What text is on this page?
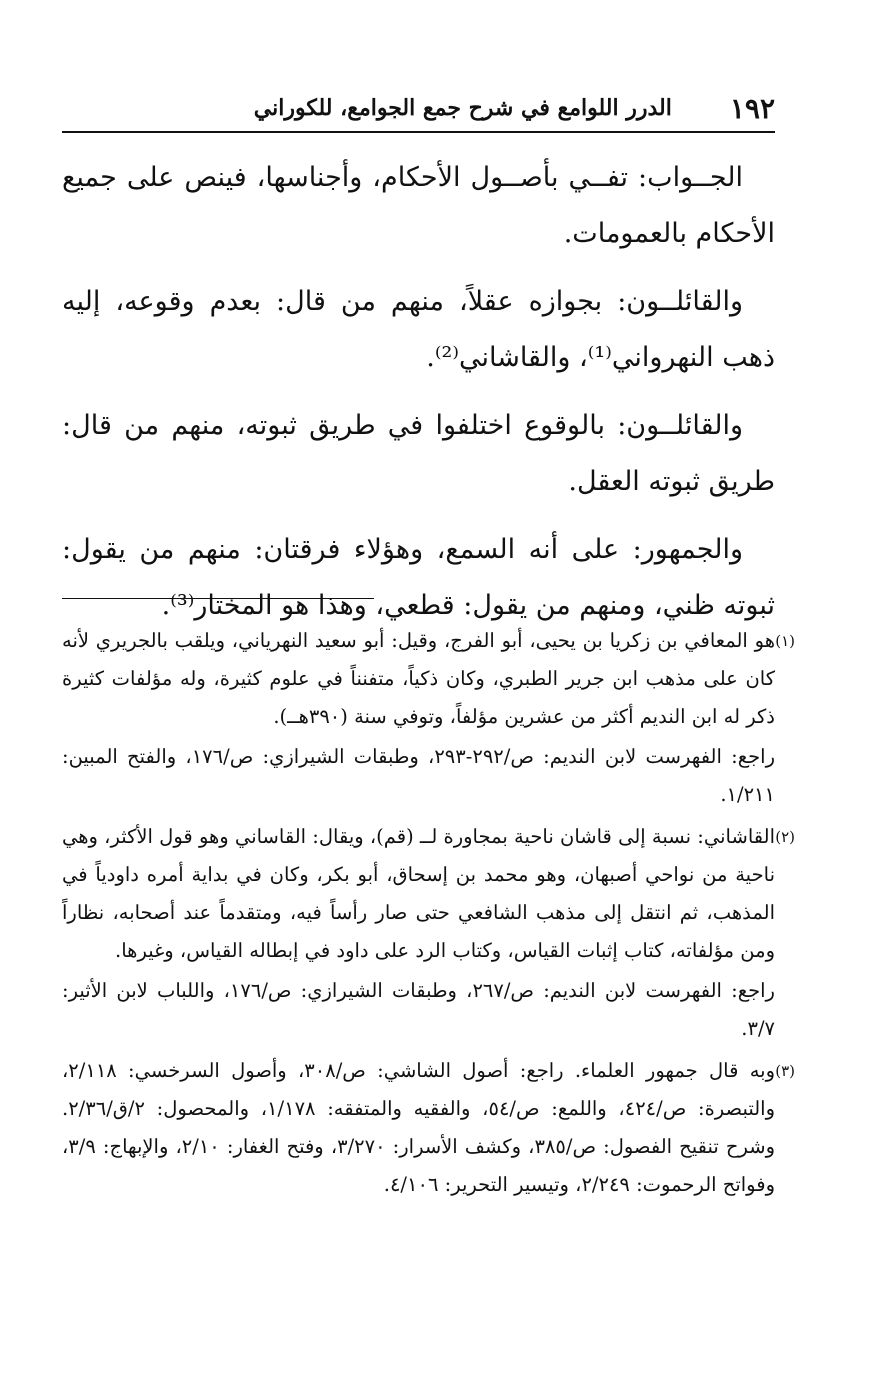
١٩٢
الدرر اللوامع في شرح جمع الجوامع، للكوراني

الجــواب: تفــي بأصــول الأحكام، وأجناسها، فينص على جميع الأحكام بالعمومات.

والقائلــون: بجوازه عقلاً، منهم من قال: بعدم وقوعه، إليه ذهب النهرواني⁽¹⁾، والقاشاني⁽²⁾.

والقائلــون: بالوقوع اختلفوا في طريق ثبوته، منهم من قال: طريق ثبوته العقل.

والجمهور: على أنه السمع، وهؤلاء فرقتان: منهم من يقول: ثبوته ظني، ومنهم من يقول: قطعي، وهذا هو المختار⁽³⁾.

(١)

هو المعافي بن زكريا بن يحيى، أبو الفرج، وقيل: أبو سعيد النهرياني، ويلقب بالجريري لأنه كان على مذهب ابن جرير الطبري، وكان ذكياً، متفنناً في علوم كثيرة، وله مؤلفات كثيرة ذكر له ابن النديم أكثر من عشرين مؤلفاً، وتوفي سنة (٣٩٠هــ).

راجع: الفهرست لابن النديم: ص/٢٩٢-٢٩٣، وطبقات الشيرازي: ص/١٧٦، والفتح المبين: ١/٢١١.

(٢)

القاشاني: نسبة إلى قاشان ناحية بمجاورة لــ (قم)، ويقال: القاساني وهو قول الأكثر، وهي ناحية من نواحي أصبهان، وهو محمد بن إسحاق، أبو بكر، وكان في بداية أمره داودياً في المذهب، ثم انتقل إلى مذهب الشافعي حتى صار رأساً فيه، ومتقدماً عند أصحابه، نظاراً ومن مؤلفاته، كتاب إثبات القياس، وكتاب الرد على داود في إبطاله القياس، وغيرها.

راجع: الفهرست لابن النديم: ص/٢٦٧، وطبقات الشيرازي: ص/١٧٦، واللباب لابن الأثير: ٣/٧.

(٣)

وبه قال جمهور العلماء. راجع: أصول الشاشي: ص/٣٠٨، وأصول السرخسي: ٢/١١٨، والتبصرة: ص/٤٢٤، واللمع: ص/٥٤، والفقيه والمتفقه: ١/١٧٨، والمحصول: ٢/ق/٢/٣٦. وشرح تنقيح الفصول: ص/٣٨٥، وكشف الأسرار: ٣/٢٧٠، وفتح الغفار: ٢/١٠، والإبهاج: ٣/٩، وفواتح الرحموت: ٢/٢٤٩، وتيسير التحرير: ٤/١٠٦.
